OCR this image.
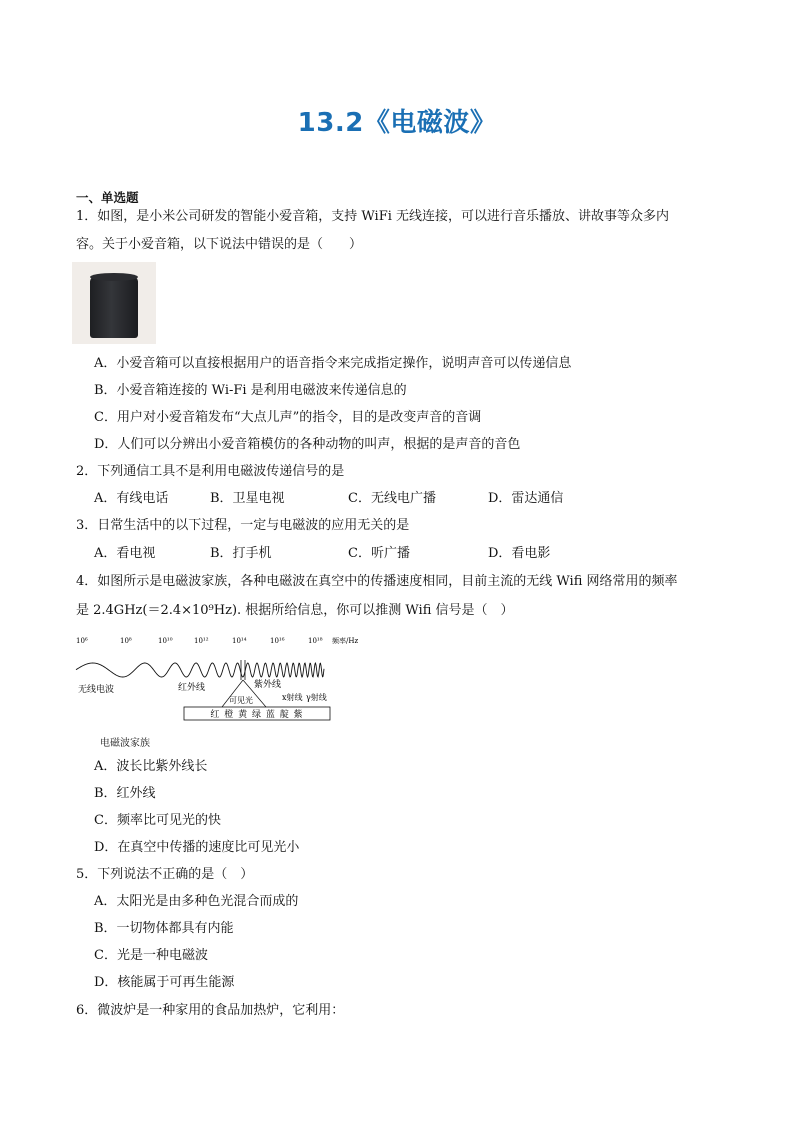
13.2《电磁波》
一、单选题
1．如图，是小米公司研发的智能小爱音箱，支持 WiFi 无线连接，可以进行音乐播放、讲故事等众多内
容。关于小爱音箱，以下说法中错误的是（　　）
A．小爱音箱可以直接根据用户的语音指令来完成指定操作，说明声音可以传递信息
B．小爱音箱连接的 Wi-Fi 是利用电磁波来传递信息的
C．用户对小爱音箱发布“大点儿声”的指令，目的是改变声音的音调
D．人们可以分辨出小爱音箱模仿的各种动物的叫声，根据的是声音的音色
2．下列通信工具不是利用电磁波传递信号的是
A．有线电话	B．卫星电视	C．无线电广播	D．雷达通信
3．日常生活中的以下过程，一定与电磁波的应用无关的是
A．看电视	B．打手机	C．听广播	D．看电影
4．如图所示是电磁波家族，各种电磁波在真空中的传播速度相同，目前主流的无线 Wifi 网络常用的频率
是 2.4GHz(＝2.4×10⁹Hz). 根据所给信息，你可以推测 Wifi 信号是（　）
10⁶	10⁸	10¹⁰	10¹²	10¹⁴	10¹⁶	10¹⁸ 频率/Hz
无线电波	红外线	紫外线
可见光	x射线 γ射线
红 橙 黄 绿 蓝 靛 紫
电磁波家族
A．波长比紫外线长
B．红外线
C．频率比可见光的快
D．在真空中传播的速度比可见光小
5．下列说法不正确的是（　）
A．太阳光是由多种色光混合而成的
B．一切物体都具有内能
C．光是一种电磁波
D．核能属于可再生能源
6．微波炉是一种家用的食品加热炉，它利用：
